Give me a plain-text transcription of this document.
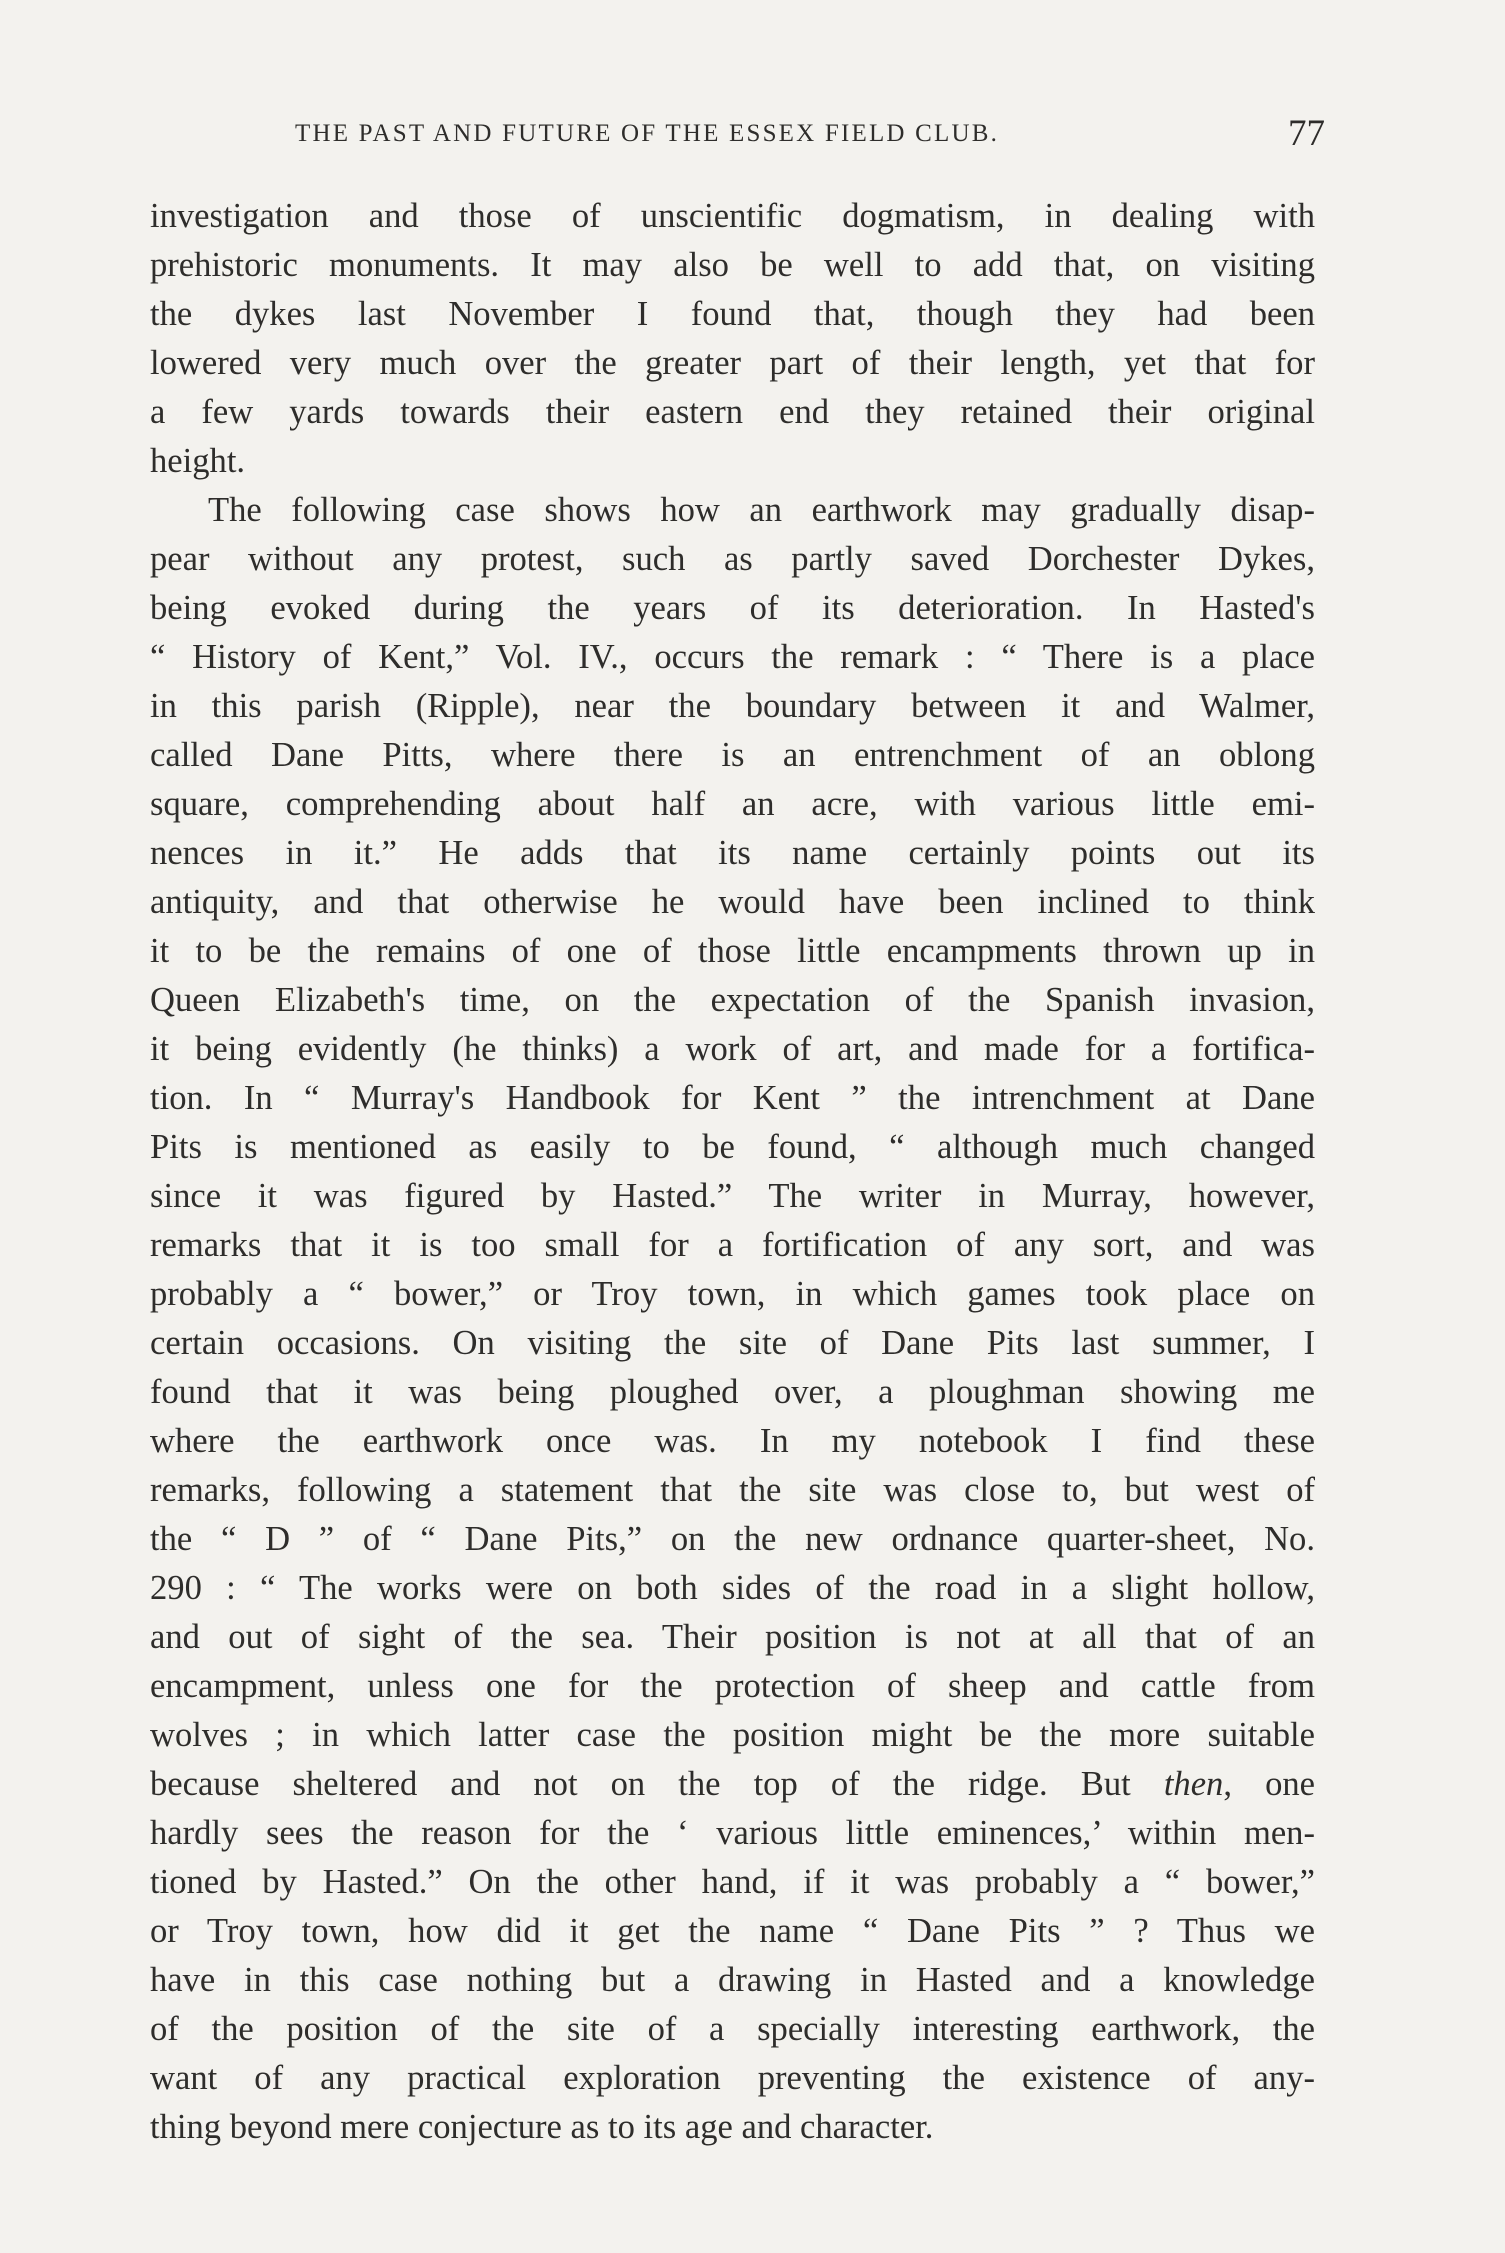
THE PAST AND FUTURE OF THE ESSEX FIELD CLUB.	77
investigation and those of unscientific dogmatism, in dealing with
prehistoric monuments. It may also be well to add that, on visiting
the dykes last November I found that, though they had been
lowered very much over the greater part of their length, yet that for
a few yards towards their eastern end they retained their original
height.
The following case shows how an earthwork may gradually disap-
pear without any protest, such as partly saved Dorchester Dykes,
being evoked during the years of its deterioration. In Hasted's
“ History of Kent,” Vol. IV., occurs the remark : “ There is a place
in this parish (Ripple), near the boundary between it and Walmer,
called Dane Pitts, where there is an entrenchment of an oblong
square, comprehending about half an acre, with various little emi-
nences in it.” He adds that its name certainly points out its
antiquity, and that otherwise he would have been inclined to think
it to be the remains of one of those little encampments thrown up in
Queen Elizabeth's time, on the expectation of the Spanish invasion,
it being evidently (he thinks) a work of art, and made for a fortifica-
tion. In “ Murray's Handbook for Kent ” the intrenchment at Dane
Pits is mentioned as easily to be found, “ although much changed
since it was figured by Hasted.” The writer in Murray, however,
remarks that it is too small for a fortification of any sort, and was
probably a “ bower,” or Troy town, in which games took place on
certain occasions. On visiting the site of Dane Pits last summer, I
found that it was being ploughed over, a ploughman showing me
where the earthwork once was. In my notebook I find these
remarks, following a statement that the site was close to, but west of
the “ D ” of “ Dane Pits,” on the new ordnance quarter-sheet, No.
290 : “ The works were on both sides of the road in a slight hollow,
and out of sight of the sea. Their position is not at all that of an
encampment, unless one for the protection of sheep and cattle from
wolves ; in which latter case the position might be the more suitable
because sheltered and not on the top of the ridge. But then, one
hardly sees the reason for the ‘ various little eminences,’ within men-
tioned by Hasted.” On the other hand, if it was probably a “ bower,”
or Troy town, how did it get the name “ Dane Pits ” ? Thus we
have in this case nothing but a drawing in Hasted and a knowledge
of the position of the site of a specially interesting earthwork, the
want of any practical exploration preventing the existence of any-
thing beyond mere conjecture as to its age and character.
